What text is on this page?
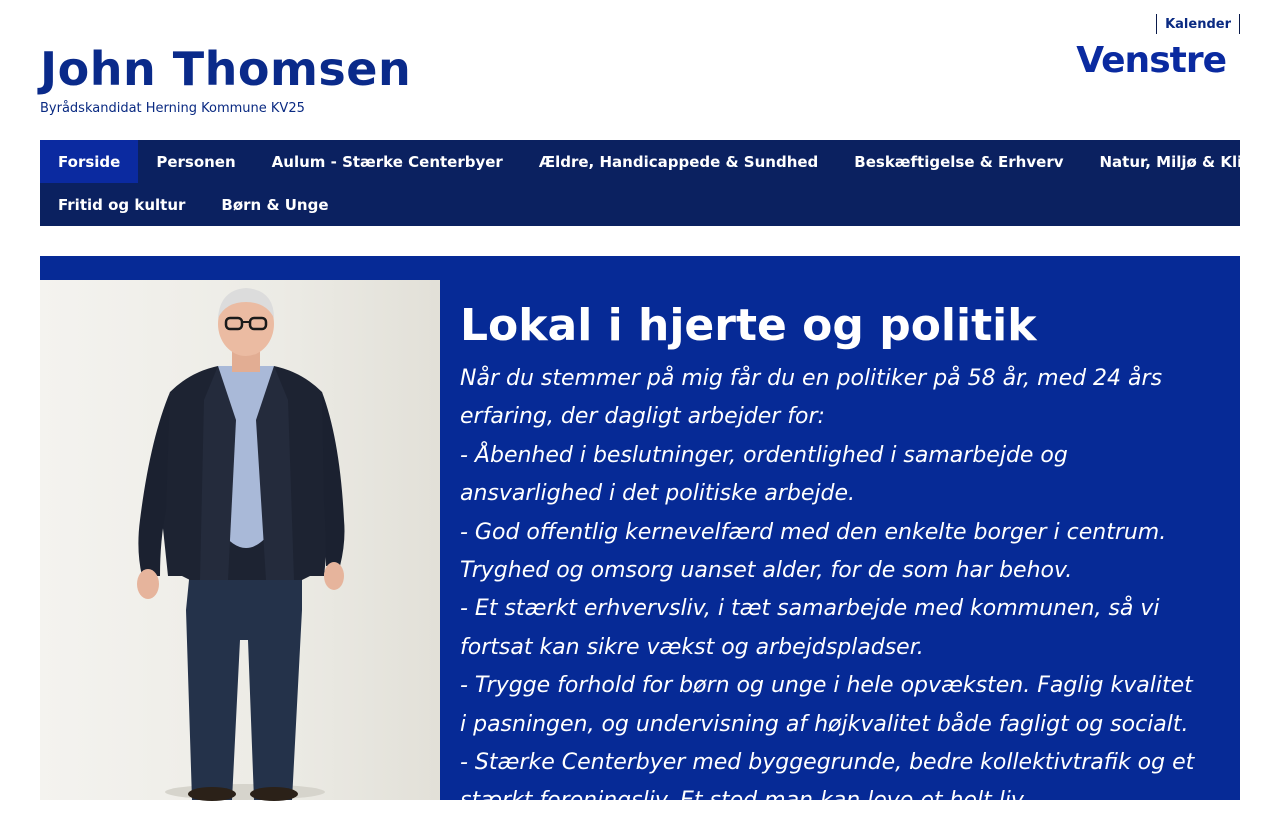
Kalender
John Thomsen
Byrådskandidat Herning Kommune KV25
Venstre
Forside	Personen	Aulum - Stærke Centerbyer	Ældre, Handicappede & Sundhed	Beskæftigelse & Erhverv	Natur, Miljø & Klima
Fritid og kultur	Børn & Unge
Lokal i hjerte og politik

Når du stemmer på mig får du en politiker på 58 år, med 24 års erfaring, der dagligt arbejder for:

- Åbenhed i beslutninger, ordentlighed i samarbejde og ansvarlighed i det politiske arbejde.

- God offentlig kernevelfærd med den enkelte borger i centrum. Tryghed og omsorg uanset alder, for de som har behov.

- Et stærkt erhvervsliv, i tæt samarbejde med kommunen, så vi fortsat kan sikre vækst og arbejdspladser.

- Trygge forhold for børn og unge i hele opvæksten. Faglig kvalitet i pasningen, og undervisning af højkvalitet både fagligt og socialt.

- Stærke Centerbyer med byggegrunde, bedre kollektivtrafik og et stærkt foreningsliv. Et sted man kan leve et helt liv.
